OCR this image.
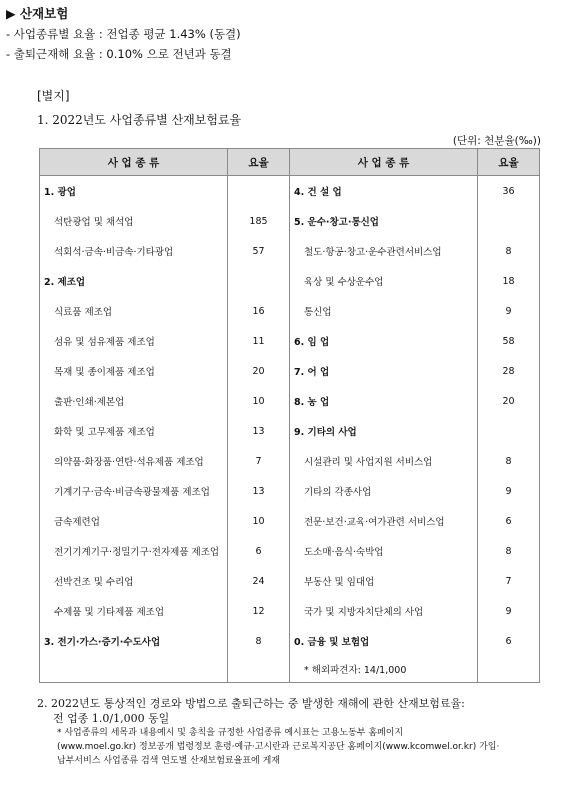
▶ 산재보험
- 사업종류별 요율 : 전업종 평균 1.43% (동결)
- 출퇴근재해 요율 : 0.10% 으로 전년과 동결
[별지]
1. 2022년도 사업종류별 산재보험료율
(단위: 천분율(‰))
사 업 종 류	요율	사 업 종 류	요율
1. 광업		4. 건 설 업	36
석탄광업 및 채석업	185	5. 운수·창고·통신업	
석회석·금속·비금속·기타광업	57	철도·항공·창고·운수관련서비스업	8
2. 제조업		육상 및 수상운수업	18
식료품 제조업	16	통신업	9
섬유 및 섬유제품 제조업	11	6. 임 업	58
목재 및 종이제품 제조업	20	7. 어 업	28
출판·인쇄·제본업	10	8. 농 업	20
화학 및 고무제품 제조업	13	9. 기타의 사업	
의약품·화장품·연탄·석유제품 제조업	7	시설관리 및 사업지원 서비스업	8
기계기구·금속·비금속광물제품 제조업	13	기타의 각종사업	9
금속제련업	10	전문·보건·교육·여가관련 서비스업	6
전기기계기구·정밀기구·전자제품 제조업	6	도소매·음식·숙박업	8
선박건조 및 수리업	24	부동산 및 임대업	7
수제품 및 기타제품 제조업	12	국가 및 지방자치단체의 사업	9
3. 전기·가스·증기·수도사업	8	0. 금융 및 보험업	6
		* 해외파견자: 14/1,000	
2. 2022년도 통상적인 경로와 방법으로 출퇴근하는 중 발생한 재해에 관한 산재보험료율:
전 업종 1.0/1,000 동일
* 사업종류의 세목과 내용예시 및 총칙을 규정한 사업종류 예시표는 고용노동부 홈페이지
(www.moel.go.kr) 정보공개 법령정보 훈령·예규·고시란과 근로복지공단 홈페이지(www.kcomwel.or.kr) 가입·
납부서비스 사업종류 검색 연도별 산재보험료율표에 게재
